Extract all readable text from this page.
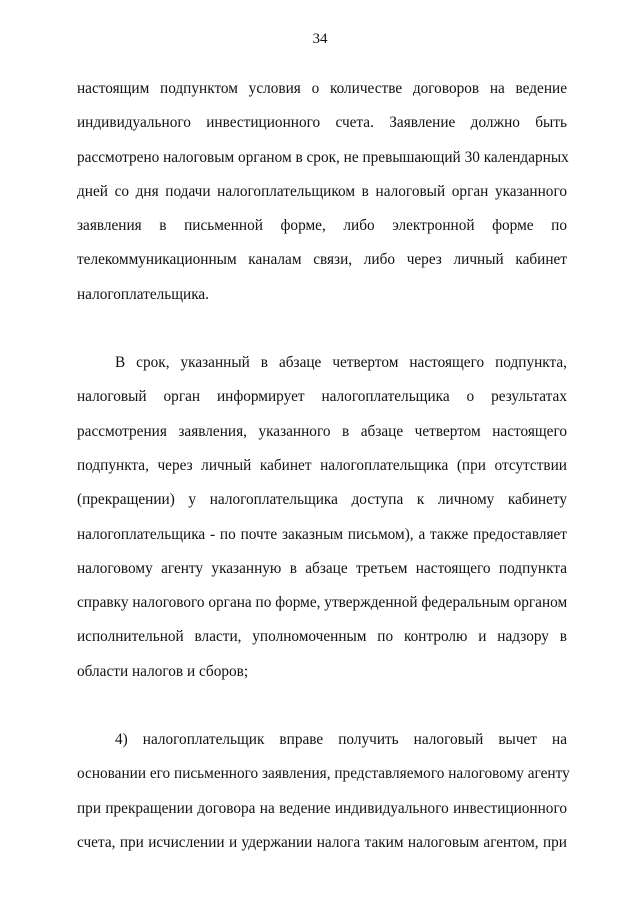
34
настоящим подпунктом условия о количестве договоров на ведение
индивидуального инвестиционного счета. Заявление должно быть
рассмотрено налоговым органом в срок, не превышающий 30 календарных
дней со дня подачи налогоплательщиком в налоговый орган указанного
заявления в письменной форме, либо электронной форме по
телекоммуникационным каналам связи, либо через личный кабинет
налогоплательщика.
В срок, указанный в абзаце четвертом настоящего подпункта,
налоговый орган информирует налогоплательщика о результатах
рассмотрения заявления, указанного в абзаце четвертом настоящего
подпункта, через личный кабинет налогоплательщика (при отсутствии
(прекращении) у налогоплательщика доступа к личному кабинету
налогоплательщика - по почте заказным письмом), а также предоставляет
налоговому агенту указанную в абзаце третьем настоящего подпункта
справку налогового органа по форме, утвержденной федеральным органом
исполнительной власти, уполномоченным по контролю и надзору в
области налогов и сборов;
4) налогоплательщик вправе получить налоговый вычет на
основании его письменного заявления, представляемого налоговому агенту
при прекращении договора на ведение индивидуального инвестиционного
счета, при исчислении и удержании налога таким налоговым агентом, при
